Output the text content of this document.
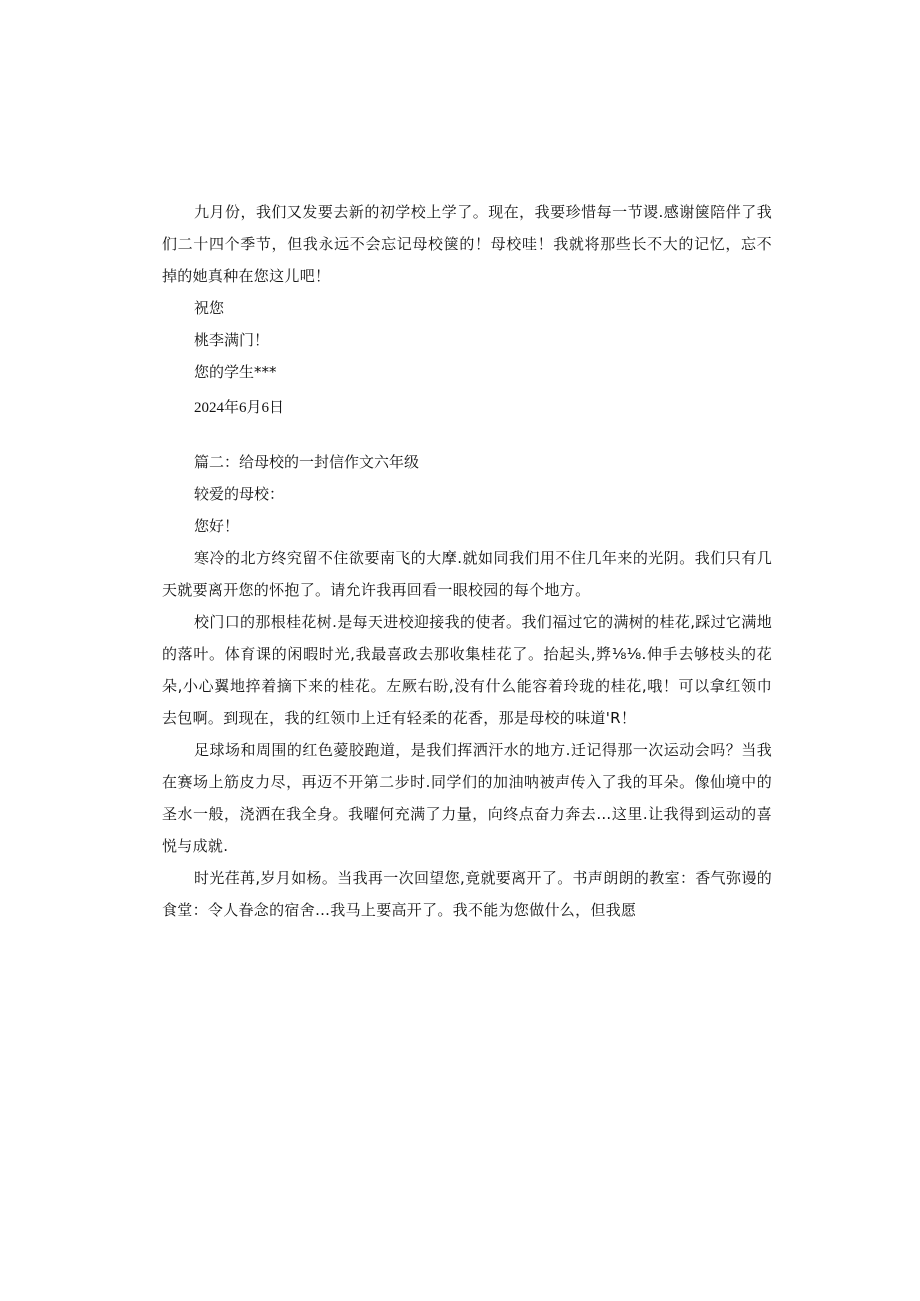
九月份，我们又发要去新的初学校上学了。现在，我要珍惜每一节谡.感谢箧陪伴了我们二十四个季节，但我永远不会忘记母校箧的！母校哇！我就将那些长不大的记忆，忘不掉的她真种在您这儿吧！

祝您

桃李满门！

您的学生***

2024年6月6日

篇二：给母校的一封信作文六年级

较爱的母校：

您好！

寒冷的北方终究留不住欲要南飞的大摩.就如同我们用不住几年来的光阴。我们只有几天就要离开您的怀抱了。请允许我再回看一眼校园的每个地方。

校门口的那根桂花树.是每天进校迎接我的使者。我们福过它的满树的桂花,踩过它满地的落叶。体育课的闲暇时光,我最喜政去那收集桂花了。抬起头,㢡⅛⅛.伸手去够枝头的花朵,小心翼地捽着摘下来的桂花。左厥右盼,没有什么能容着玲珑的桂花,哦！可以拿红领巾去包啊。到现在，我的红领巾上迁有轻柔的花香，那是母校的味道'R！

足球场和周围的红色薆胶跑道，是我们挥洒汗水的地方.迁记得那一次运动会吗？当我在赛场上筋皮力尽，再迈不开第二步时.同学们的加油呐被声传入了我的耳朵。像仙境中的圣水一般，浇洒在我全身。我曜何充满了力量，向终点奋力奔去…这里.让我得到运动的喜悦与成就.

时光荏苒,岁月如杨。当我再一次回望您,竟就要离开了。书声朗朗的教室：香气弥谩的食堂：令人眷念的宿舍…我马上要高开了。我不能为您做什么，但我愿
